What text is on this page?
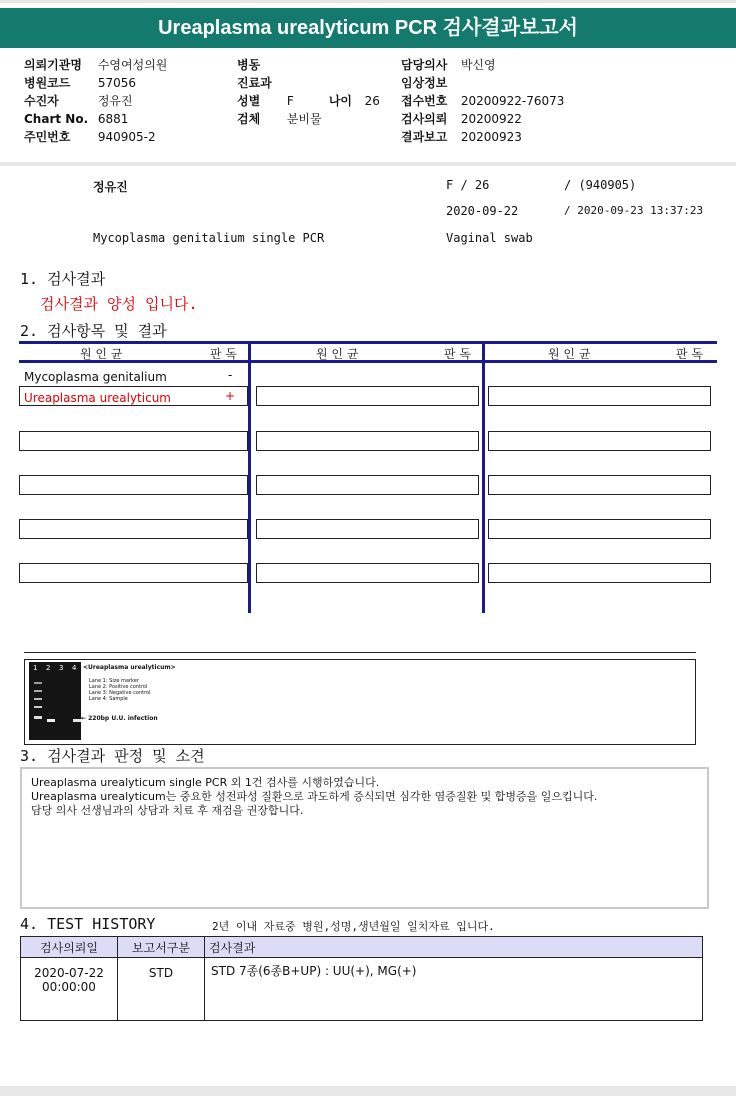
Ureaplasma urealyticum PCR 검사결과보고서
의뢰기관명 수영여성의원
병원코드 57056
수진자	정유진
Chart No. 6881
주민번호 940905-2
병동
진료과
성별 F	나이 26
검체 분비물
담당의사 박신영
임상정보
접수번호 20200922-76073
검사의뢰 20200922
결과보고 20200923
정유진	F / 26	/ (940905)
2020-09-22	/ 2020-09-23 13:37:23
Mycoplasma genitalium single PCR	Vaginal swab
1. 검사결과
검사결과 양성 입니다.
2. 검사항목 및 결과
원 인 균	판 독	원 인 균	판 독	원 인 균	판 독
Mycoplasma genitalium	-
Ureaplasma urealyticum	+
1 2 3 4 <Ureaplasma urealyticum>
Lane 1: Size marker
Lane 2: Positive control
Lane 3: Negative control
Lane 4: Sample
← 220bp U.U. infection
3. 검사결과 판정 및 소견
Ureaplasma urealyticum single PCR 외 1건 검사를 시행하였습니다.
Ureaplasma urealyticum는 중요한 성전파성 질환으로 과도하게 증식되면 심각한 염증질환 및 합병증을 일으킵니다.
담당 의사 선생님과의 상담과 치료 후 재검을 권장합니다.
4. TEST HISTORY	2년 이내 자료중 병원,성명,생년월일 일치자료 입니다.
검사의뢰일	보고서구분	검사결과

2020-07-22
00:00:00	STD	STD 7종(6종B+UP) : UU(+), MG(+)
